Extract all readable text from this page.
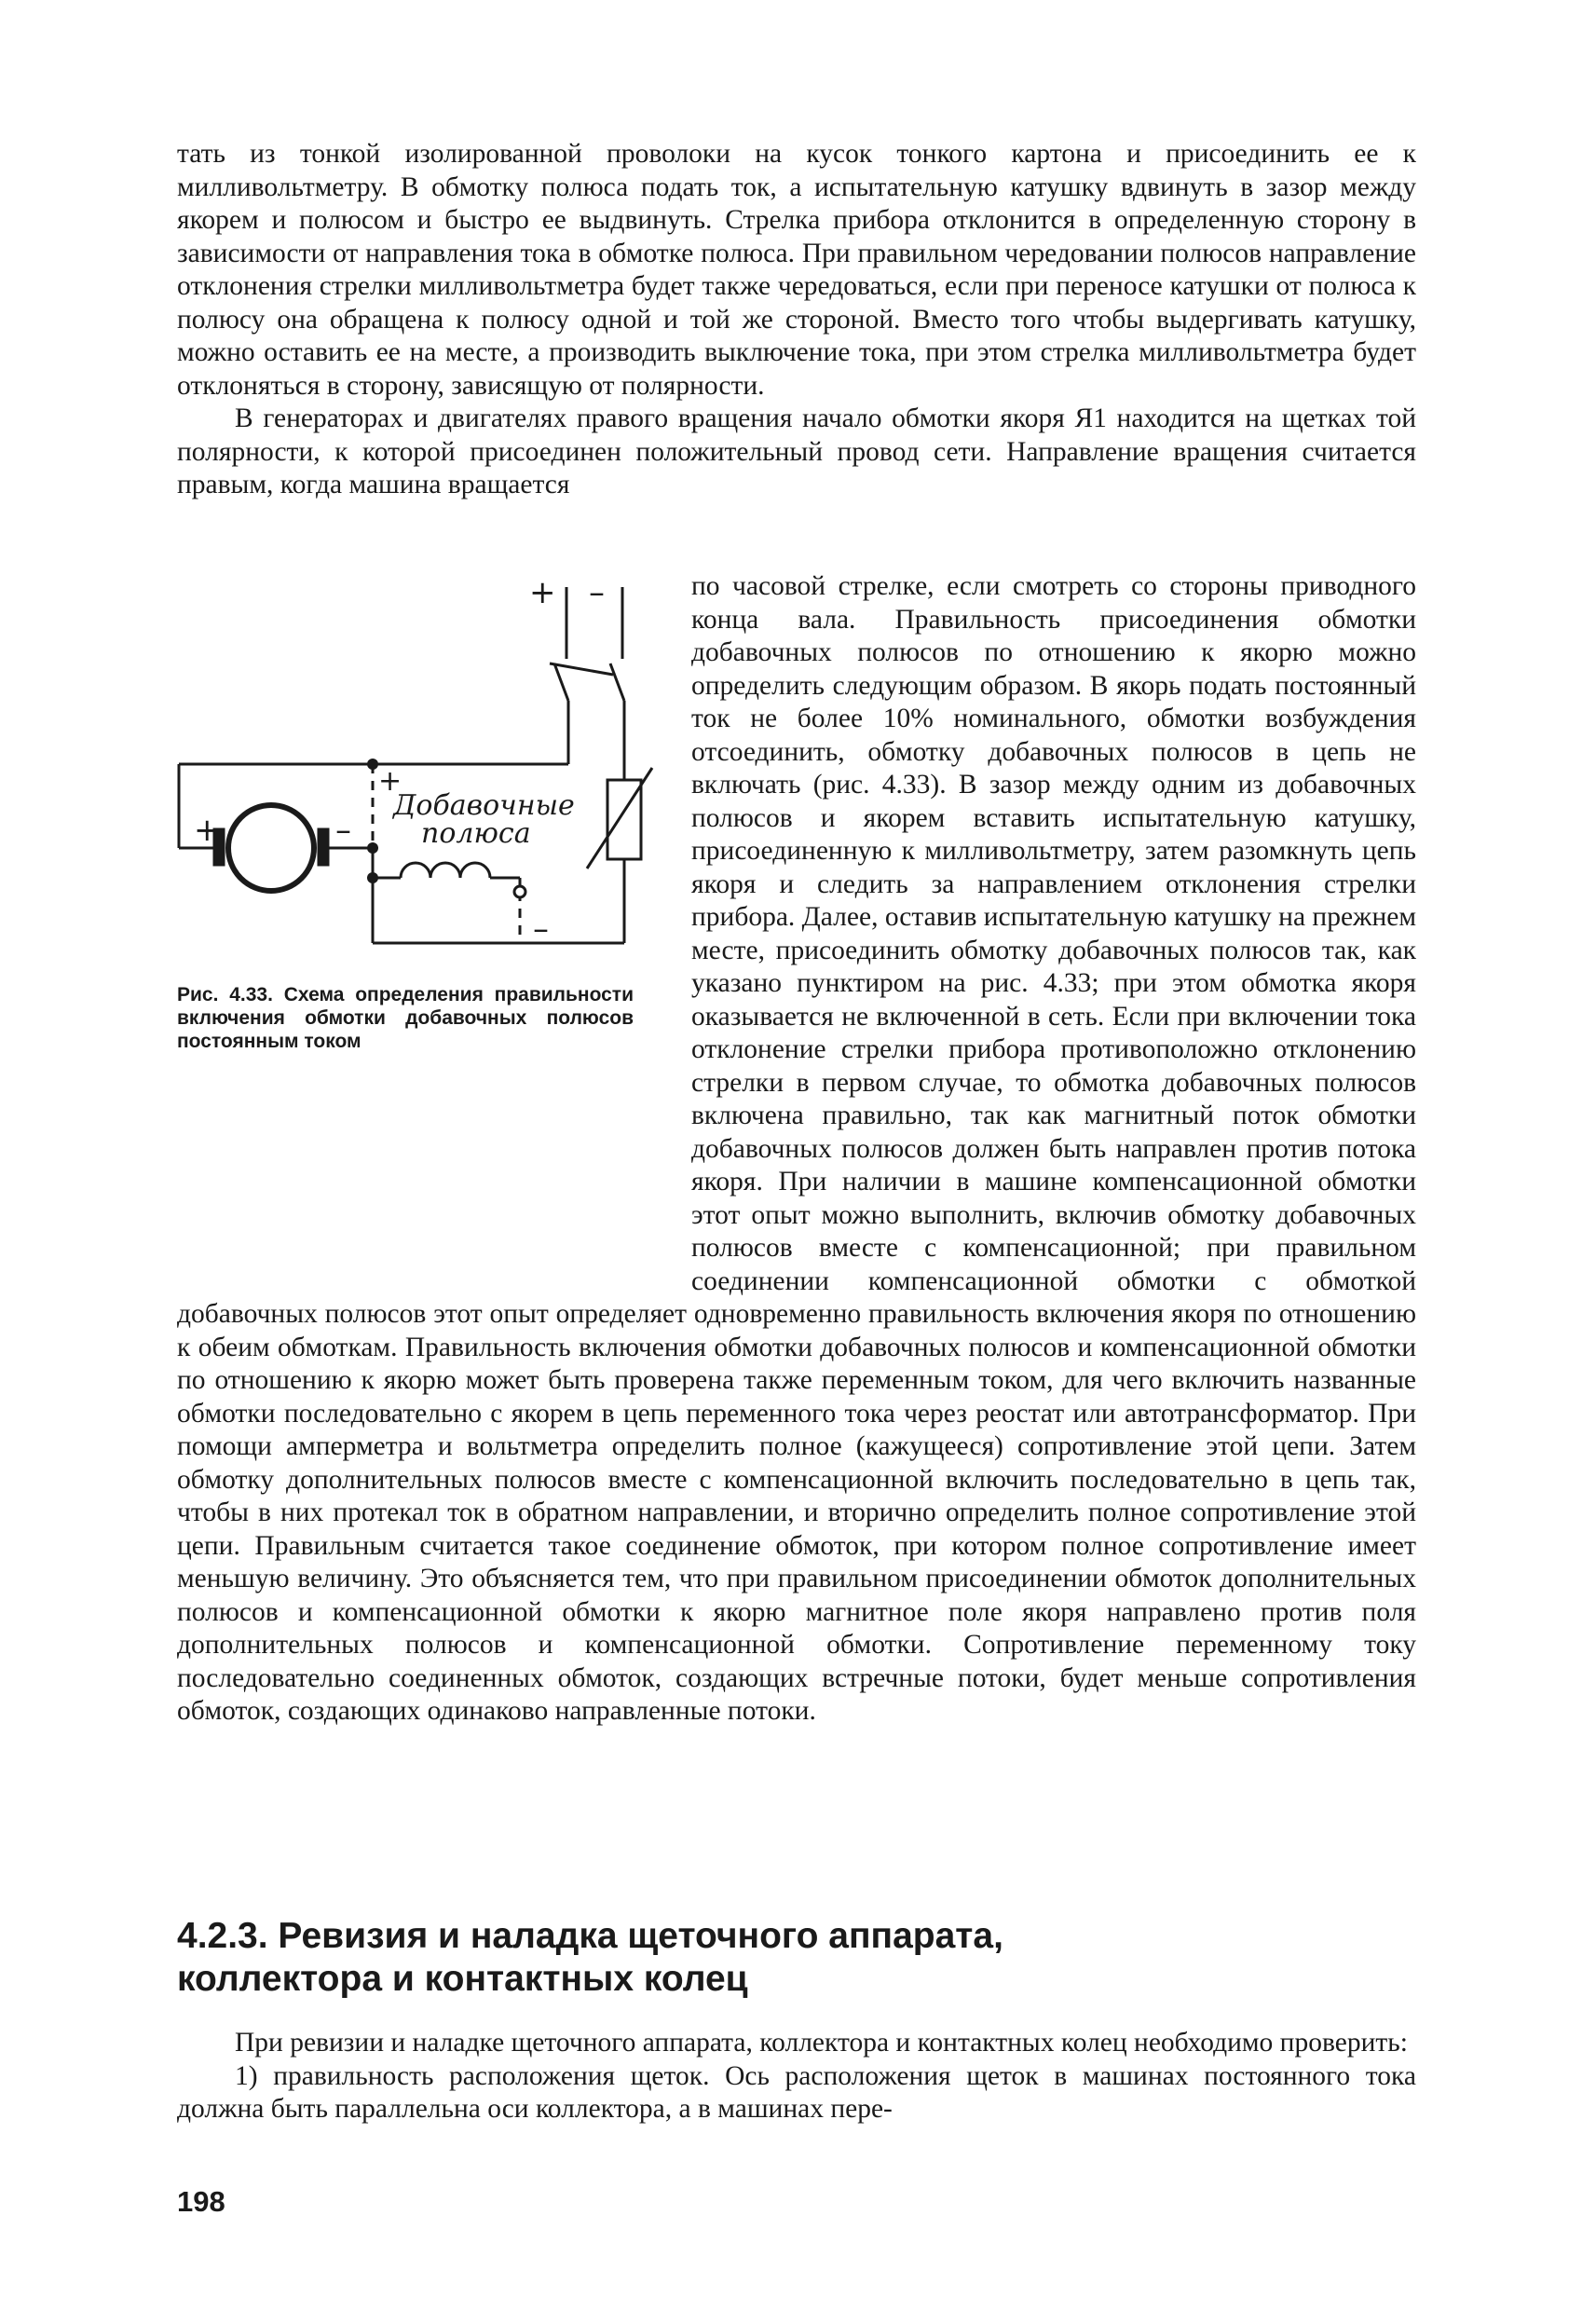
тать из тонкой изолированной проволоки на кусок тонкого картона и присоединить ее к милливольтметру. В обмотку полюса подать ток, а испытательную катушку вдвинуть в зазор между якорем и полюсом и быстро ее выдвинуть. Стрелка прибора отклонится в определенную сторону в зависимости от направления тока в обмотке полюса. При правильном чередовании полюсов направление отклонения стрелки милливольтметра будет также чередоваться, если при переносе катушки от полюса к полюсу она обращена к полюсу одной и той же стороной. Вместо того чтобы выдергивать катушку, можно оставить ее на месте, а производить выключение тока, при этом стрелка милливольтметра будет отклоняться в сторону, зависящую от полярности.

В генераторах и двигателях правого вращения начало обмотки якоря Я1 находится на щетках той полярности, к которой присоединен положительный провод сети. Направление вращения считается правым, когда машина вращается

+ –
+	–
+
–
Добавочные
полюса
Рис. 4.33. Схема определения правильности включения обмотки добавочных полюсов постоянным током

по часовой стрелке, если смотреть со стороны приводного конца вала. Правильность присоединения обмотки добавочных полюсов по отношению к якорю можно определить следующим образом. В якорь подать постоянный ток не более 10% номинального, обмотки возбуждения отсоединить, обмотку добавочных полюсов в цепь не включать (рис. 4.33). В зазор между одним из добавочных полюсов и якорем вставить испытательную катушку, присоединенную к милливольтметру, затем разомкнуть цепь якоря и следить за направлением отклонения стрелки прибора. Далее, оставив испытательную катушку на прежнем месте, присоединить обмотку добавочных полюсов так, как указано пунктиром на рис. 4.33; при этом обмотка якоря оказывается не включенной в сеть. Если при включении тока отклонение стрелки прибора противоположно отклонению стрелки в первом случае, то обмотка добавочных полюсов включена правильно, так как магнитный поток обмотки добавочных полюсов должен быть направлен против потока якоря. При наличии в машине компенсационной обмотки этот опыт можно выполнить, включив обмотку добавочных полюсов вместе с компенсационной; при правильном соединении компенсационной обмотки с обмоткой добавочных полюсов этот опыт определяет одновременно правильность включения якоря по отношению к обеим обмоткам. Правильность включения обмотки добавочных полюсов и компенсационной обмотки по отношению к якорю может быть проверена также переменным током, для чего включить названные обмотки последовательно с якорем в цепь переменного тока через реостат или автотрансформатор. При помощи амперметра и вольтметра определить полное (кажущееся) сопротивление этой цепи. Затем обмотку дополнительных полюсов вместе с компенсационной включить последовательно в цепь так, чтобы в них протекал ток в обратном направлении, и вторично определить полное сопротивление этой цепи. Правильным считается такое соединение обмоток, при котором полное сопротивление имеет меньшую величину. Это объясняется тем, что при правильном присоединении обмоток дополнительных полюсов и компенсационной обмотки к якорю магнитное поле якоря направлено против поля дополнительных полюсов и компенсационной обмотки. Сопротивление переменному току последовательно соединенных обмоток, создающих встречные потоки, будет меньше сопротивления обмоток, создающих одинаково направленные потоки.

4.2.3. Ревизия и наладка щеточного аппарата,
коллектора и контактных колец

При ревизии и наладке щеточного аппарата, коллектора и контактных колец необходимо проверить:

1) правильность расположения щеток. Ось расположения щеток в машинах постоянного тока должна быть параллельна оси коллектора, а в машинах пере-

198
